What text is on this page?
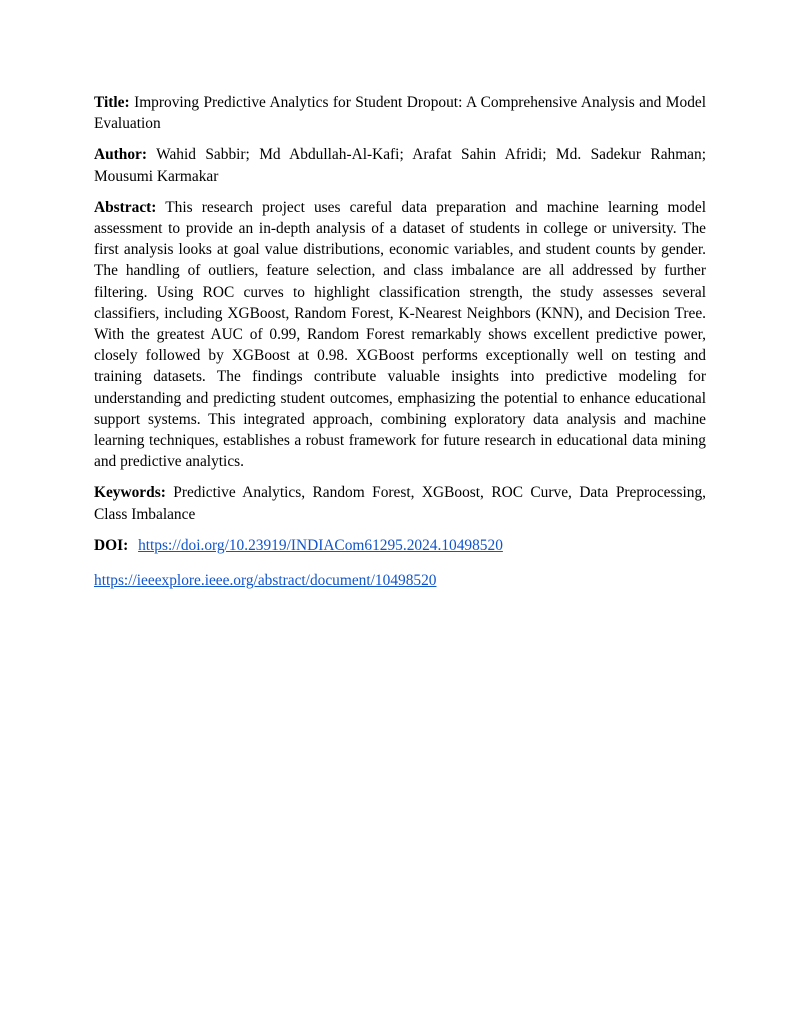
Title: Improving Predictive Analytics for Student Dropout: A Comprehensive Analysis and Model Evaluation

Author: Wahid Sabbir; Md Abdullah-Al-Kafi; Arafat Sahin Afridi; Md. Sadekur Rahman; Mousumi Karmakar

Abstract: This research project uses careful data preparation and machine learning model assessment to provide an in-depth analysis of a dataset of students in college or university. The first analysis looks at goal value distributions, economic variables, and student counts by gender. The handling of outliers, feature selection, and class imbalance are all addressed by further filtering. Using ROC curves to highlight classification strength, the study assesses several classifiers, including XGBoost, Random Forest, K-Nearest Neighbors (KNN), and Decision Tree. With the greatest AUC of 0.99, Random Forest remarkably shows excellent predictive power, closely followed by XGBoost at 0.98. XGBoost performs exceptionally well on testing and training datasets. The findings contribute valuable insights into predictive modeling for understanding and predicting student outcomes, emphasizing the potential to enhance educational support systems. This integrated approach, combining exploratory data analysis and machine learning techniques, establishes a robust framework for future research in educational data mining and predictive analytics.

Keywords: Predictive Analytics, Random Forest, XGBoost, ROC Curve, Data Preprocessing, Class Imbalance

DOI: https://doi.org/10.23919/INDIACom61295.2024.10498520

https://ieeexplore.ieee.org/abstract/document/10498520
